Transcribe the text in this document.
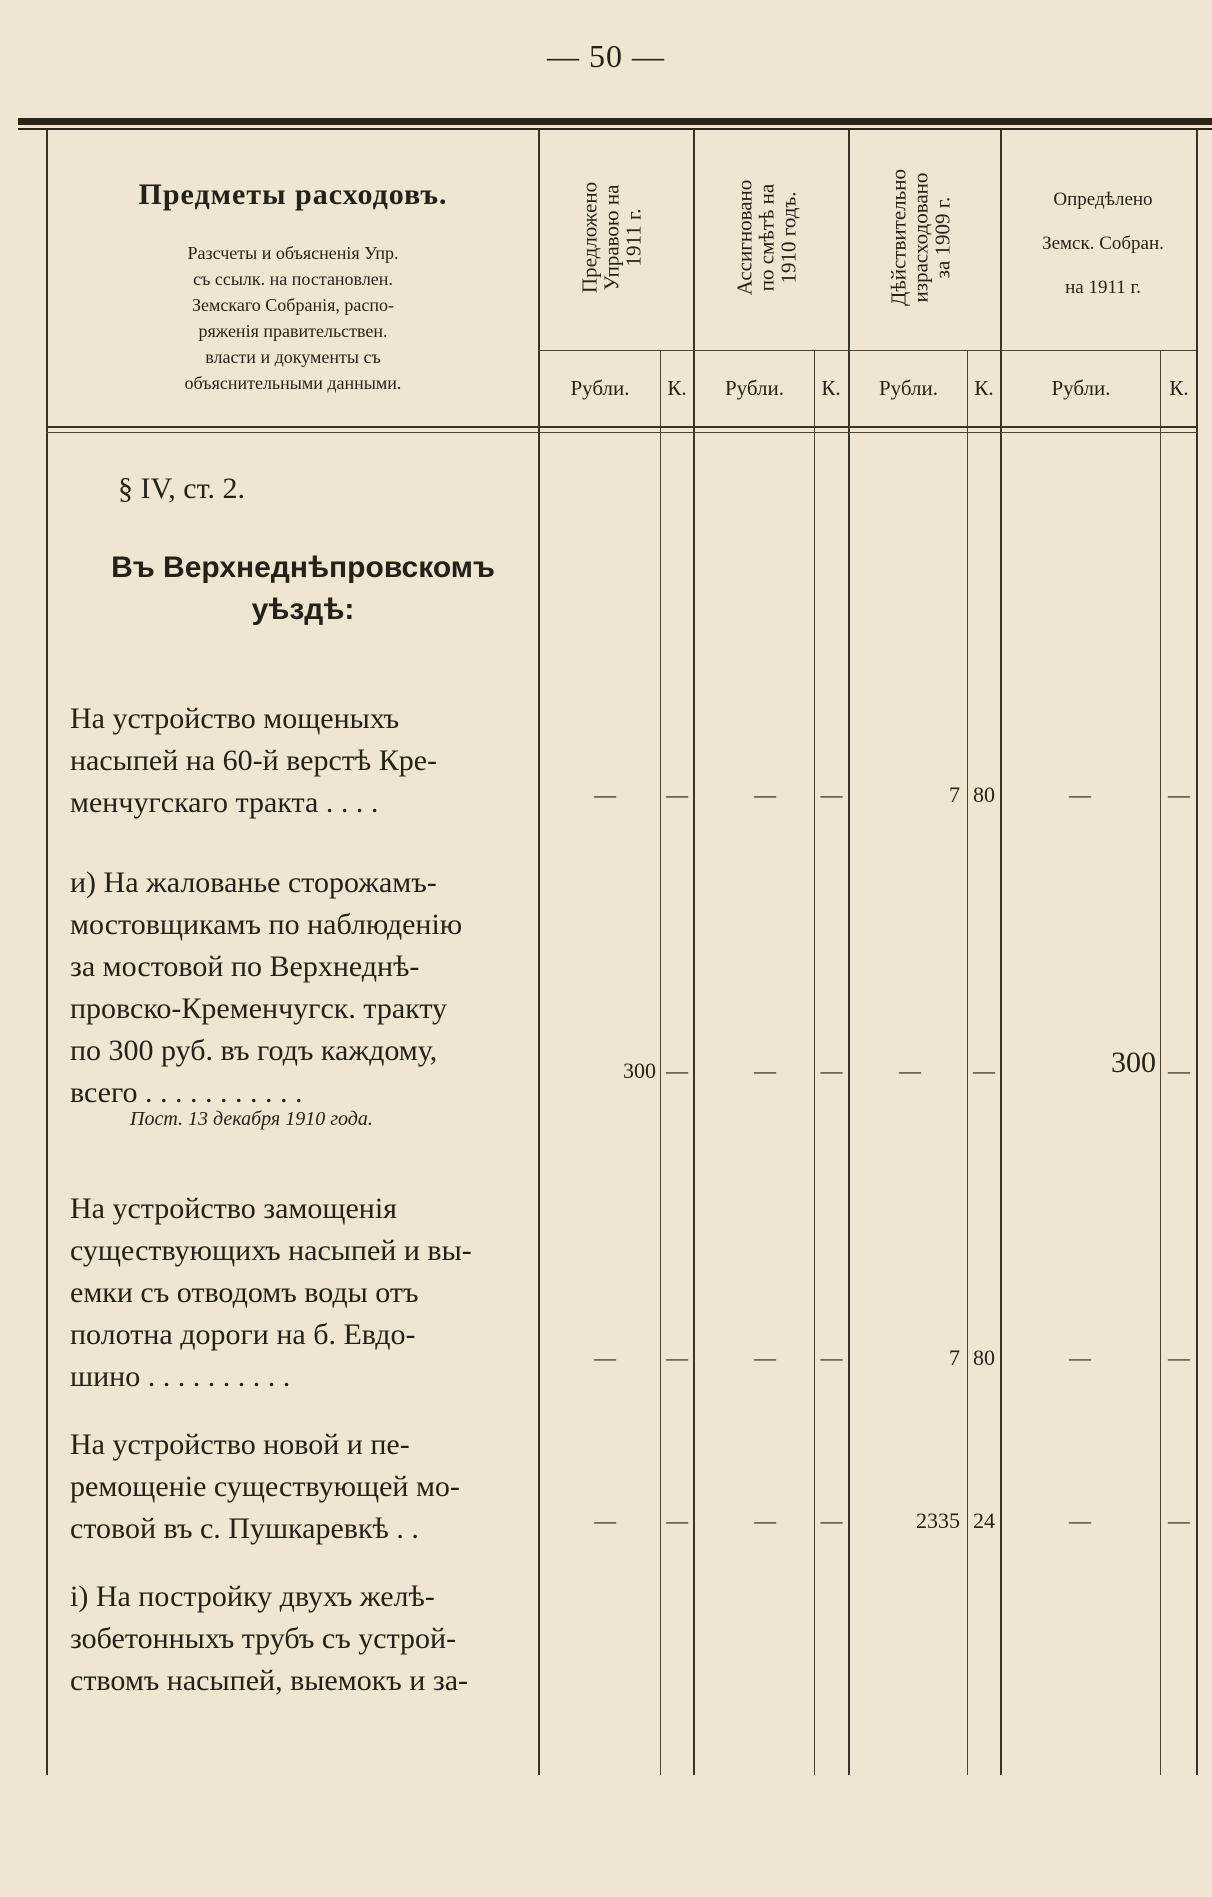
— 50 —
Предметы расходовъ.
Разсчеты и объясненія Упр.
съ ссылк. на постановлен.
Земскаго Собранія, распо-
ряженія правительствен.
власти и документы съ
объяснительными данными.
Предложено
Управою на
1911 г.	Ассигновано
по смѣтѣ на
1910 годъ.	Дѣйствительно
израсходовано
за 1909 г.	Опредѣлено
Земск. Собран.
на 1911 г.
Рубли.	К.	Рубли.	К.	Рубли.	К.	Рубли.	К.
§ IV, ст. 2.
Въ Верхнеднѣпровскомъ
уѣздѣ:
На устройство мощеныхъ
насыпей на 60-й верстѣ Кре-
менчугскаго тракта . . . .	—	—	—	—	7 80	—	—
и) На жалованье сторожамъ-
мостовщикамъ по наблюденію
за мостовой по Верхнеднѣ-
провско-Кременчугск. тракту
по 300 руб. въ годъ каждому,
всего . . . . . . . . . . .
300 —	—	—	—	—	300 —
Пост. 13 декабря 1910 года.
На устройство замощенія
существующихъ насыпей и вы-
емки съ отводомъ воды отъ
полотна дороги на б. Евдо-
шино . . . . . . . . . .
—	—	—	—	7 80	—	—
На устройство новой и пе-
ремощеніе существующей мо-
стовой въ с. Пушкаревкѣ . .	—	—	—	—	2335 24	—	—
і) На постройку двухъ желѣ-
зобетонныхъ трубъ съ устрой-
ствомъ насыпей, выемокъ и за-
